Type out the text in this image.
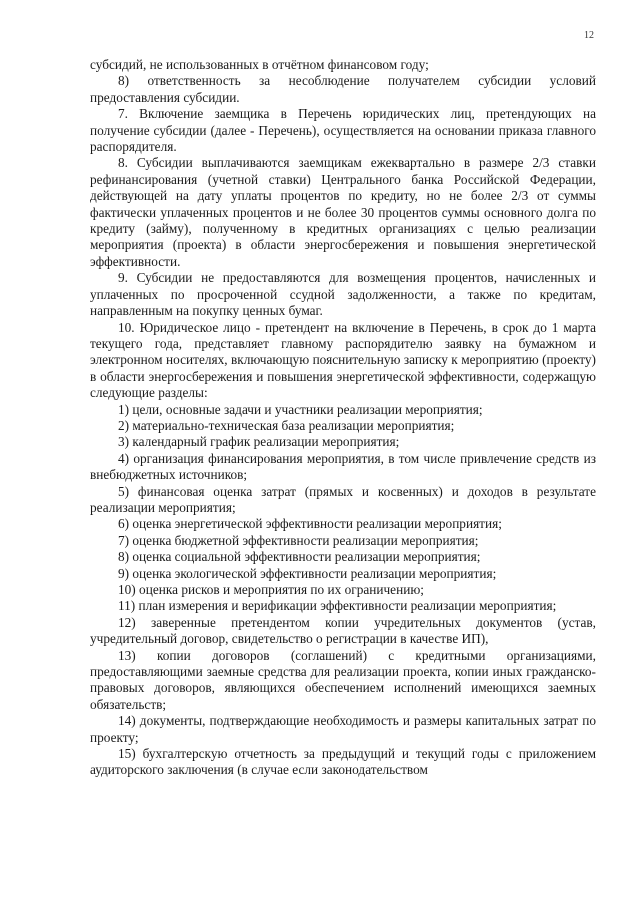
12

субсидий, не использованных в отчётном финансовом году;

8) ответственность за несоблюдение получателем субсидии условий предоставления субсидии.

7. Включение заемщика в Перечень юридических лиц, претендующих на получение субсидии (далее - Перечень), осуществляется на основании приказа главного распорядителя.

8. Субсидии выплачиваются заемщикам ежеквартально в размере 2/3 ставки рефинансирования (учетной ставки) Центрального банка Российской Федерации, действующей на дату уплаты процентов по кредиту, но не более 2/3 от суммы фактически уплаченных процентов и не более 30 процентов суммы основного долга по кредиту (займу), полученному в кредитных организациях с целью реализации мероприятия (проекта) в области энергосбережения и повышения энергетической эффективности.

9. Субсидии не предоставляются для возмещения процентов, начисленных и уплаченных по просроченной ссудной задолженности, а также по кредитам, направленным на покупку ценных бумаг.

10. Юридическое лицо - претендент на включение в Перечень, в срок до 1 марта текущего года, представляет главному распорядителю заявку на бумажном и электронном носителях, включающую пояснительную записку к мероприятию (проекту) в области энергосбережения и повышения энергетической эффективности, содержащую следующие разделы:

1) цели, основные задачи и участники реализации мероприятия;

2) материально-техническая база реализации мероприятия;

3) календарный график реализации мероприятия;

4) организация финансирования мероприятия, в том числе привлечение средств из внебюджетных источников;

5) финансовая оценка затрат (прямых и косвенных) и доходов в результате реализации мероприятия;

6) оценка энергетической эффективности реализации мероприятия;

7) оценка бюджетной эффективности реализации мероприятия;

8) оценка социальной эффективности реализации мероприятия;

9) оценка экологической эффективности реализации мероприятия;

10) оценка рисков и мероприятия по их ограничению;

11) план измерения и верификации эффективности реализации мероприятия;

12) заверенные претендентом копии учредительных документов (устав, учредительный договор, свидетельство о регистрации в качестве ИП),

13) копии договоров (соглашений) с кредитными организациями, предоставляющими заемные средства для реализации проекта, копии иных гражданско-правовых договоров, являющихся обеспечением исполнений имеющихся заемных обязательств;

14) документы, подтверждающие необходимость и размеры капитальных затрат по проекту;

15) бухгалтерскую отчетность за предыдущий и текущий годы с приложением аудиторского заключения (в случае если законодательством
